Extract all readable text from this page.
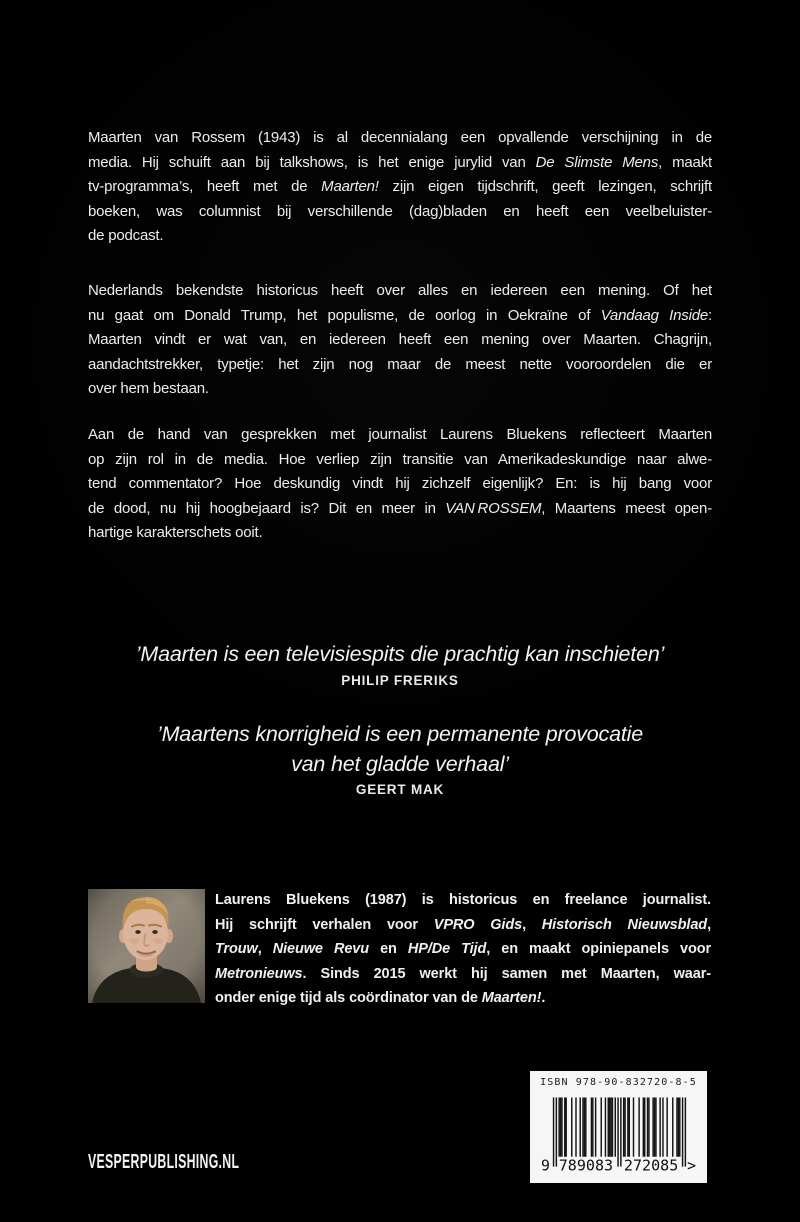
Maarten van Rossem (1943) is al decennialang een opvallende verschijning in de
media. Hij schuift aan bij talkshows, is het enige jurylid van De Slimste Mens, maakt
tv-programma’s, heeft met de Maarten! zijn eigen tijdschrift, geeft lezingen, schrijft
boeken, was columnist bij verschillende (dag)bladen en heeft een veelbeluister-
de podcast.
Nederlands bekendste historicus heeft over alles en iedereen een mening. Of het
nu gaat om Donald Trump, het populisme, de oorlog in Oekraïne of Vandaag Inside:
Maarten vindt er wat van, en iedereen heeft een mening over Maarten. Chagrijn,
aandachtstrekker, typetje: het zijn nog maar de meest nette vooroordelen die er
over hem bestaan.
Aan de hand van gesprekken met journalist Laurens Bluekens reflecteert Maarten
op zijn rol in de media. Hoe verliep zijn transitie van Amerikadeskundige naar alwe-
tend commentator? Hoe deskundig vindt hij zichzelf eigenlijk? En: is hij bang voor
de dood, nu hij hoogbejaard is? Dit en meer in VAN ROSSEM, Maartens meest open-
hartige karakterschets ooit.
’Maarten is een televisiespits die prachtig kan inschieten’
PHILIP FRERIKS
’Maartens knorrigheid is een permanente provocatie
van het gladde verhaal’
GEERT MAK
Laurens Bluekens (1987) is historicus en freelance journalist.
Hij schrijft verhalen voor VPRO Gids, Historisch Nieuwsblad,
Trouw, Nieuwe Revu en HP/De Tijd, en maakt opiniepanels voor
Metronieuws. Sinds 2015 werkt hij samen met Maarten, waar-
onder enige tijd als coördinator van de Maarten!.
VESPERPUBLISHING.NL
ISBN 978-90-832720-8-5
9 789083 272085 >
